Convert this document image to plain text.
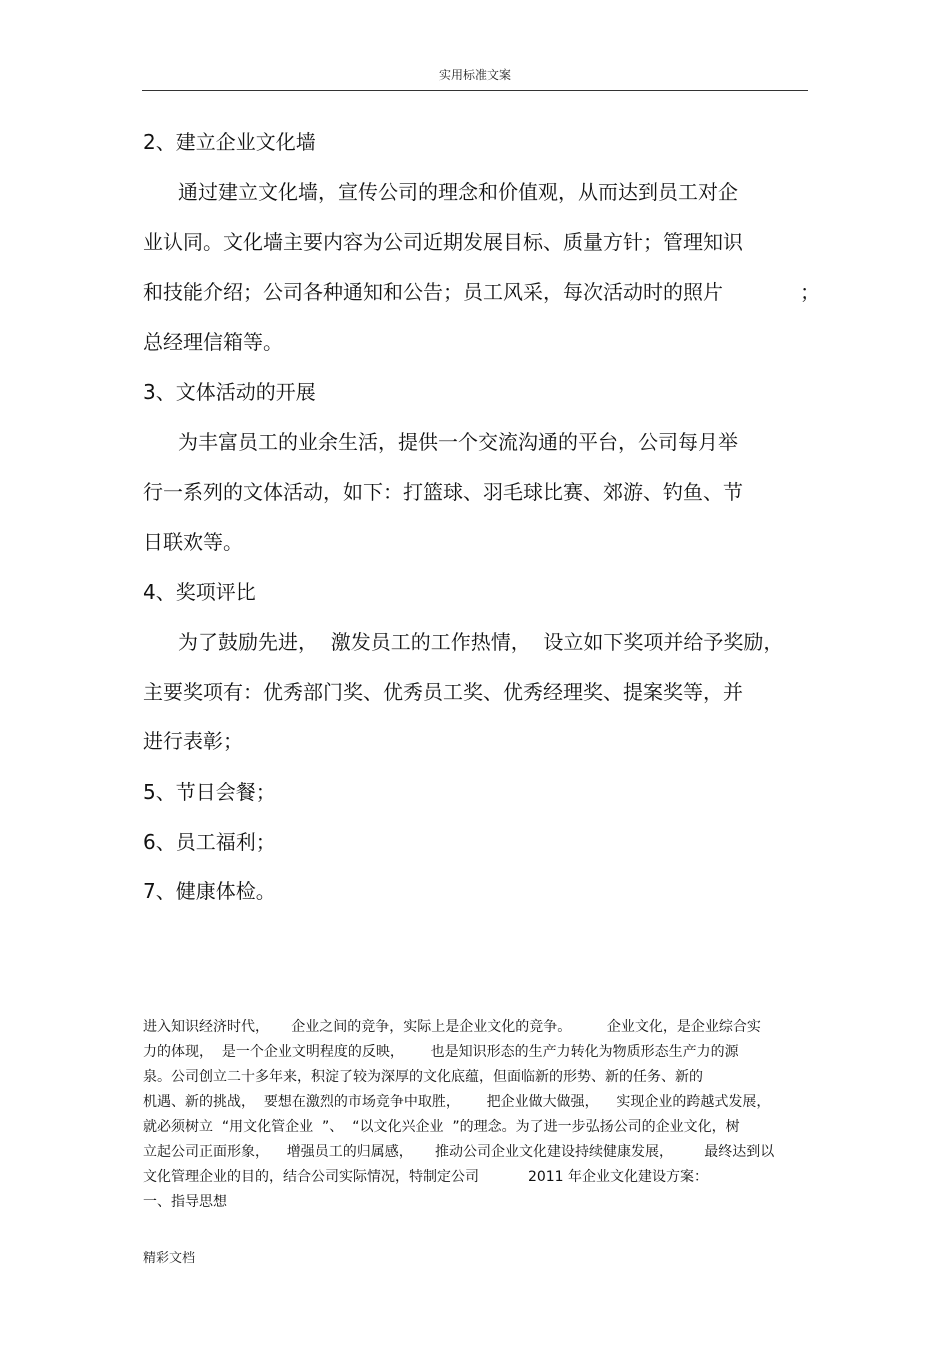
实用标准文案
2、建立企业文化墙
通过建立文化墙，宣传公司的理念和价值观，从而达到员工对企
业认同。文化墙主要内容为公司近期发展目标、质量方针；管理知识
和技能介绍；公司各种通知和公告；员工风采，每次活动时的照片	；
总经理信箱等。
3、文体活动的开展
为丰富员工的业余生活，提供一个交流沟通的平台，公司每月举
行一系列的文体活动，如下：打篮球、羽毛球比赛、郊游、钓鱼、节
日联欢等。
4、奖项评比
为了鼓励先进，  激发员工的工作热情，  设立如下奖项并给予奖励，
主要奖项有：优秀部门奖、优秀员工奖、优秀经理奖、提案奖等，并
进行表彰；
5、节日会餐；
6、员工福利；
7、健康体检。
进入知识经济时代，     企业之间的竞争，实际上是企业文化的竞争。        企业文化，是企业综合实
力的体现，  是一个企业文明程度的反映，      也是知识形态的生产力转化为物质形态生产力的源
泉。公司创立二十多年来，积淀了较为深厚的文化底蕴，但面临新的形势、新的任务、新的
机遇、新的挑战，  要想在激烈的市场竞争中取胜，      把企业做大做强，    实现企业的跨越式发展，
就必须树立  “用文化管企业  ”、  “以文化兴企业  ”的理念。为了进一步弘扬公司的企业文化，树
立起公司正面形象，    增强员工的归属感，     推动公司企业文化建设持续健康发展，       最终达到以
文化管理企业的目的，结合公司实际情况，特制定公司           2011 年企业文化建设方案：
一、指导思想
精彩文档
